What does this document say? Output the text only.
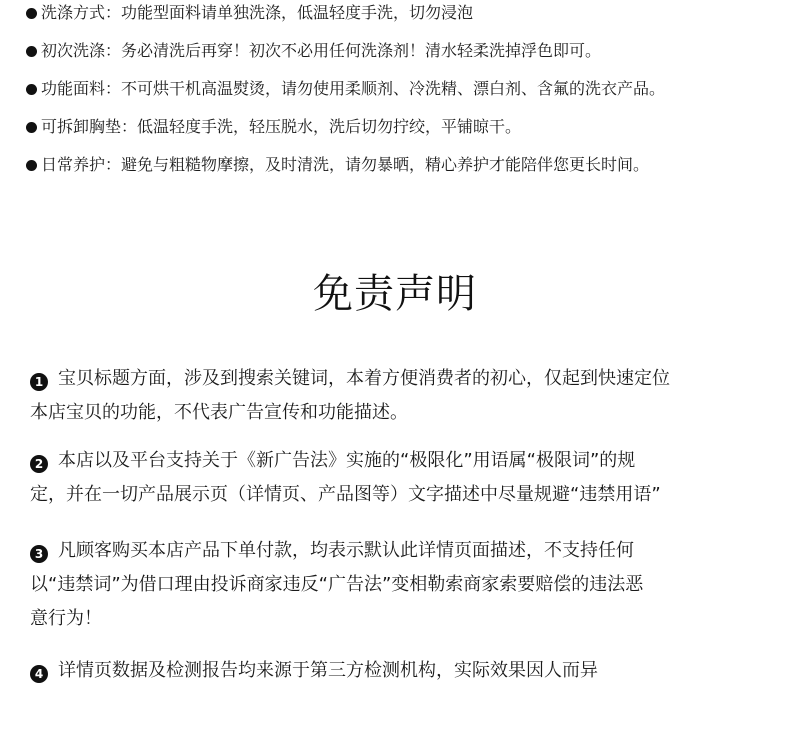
洗涤方式 ： 功能型面料请单独洗涤，低温轻度手洗，切勿浸泡
初次洗涤 ： 务必清洗后再穿！初次不必用任何洗涤剂！清水轻柔洗掉浮色即可。
功能面料 ： 不可烘干机高温熨烫，请勿使用柔顺剂、冷洗精、漂白剂、含氟的洗衣产品。
可拆卸胸垫 ： 低温轻度手洗，轻压脱水，洗后切勿拧绞，平铺晾干。
日常养护 ： 避免与粗糙物摩擦，及时清洗，请勿暴晒，精心养护才能陪伴您更长时间。
免责声明
1 宝贝标题方面，涉及到搜索关键词，本着方便消费者的初心，仅起到快速定位
本店宝贝的功能，不代表广告宣传和功能描述。
2 本店以及平台支持关于《新广告法》实施的“极限化”用语属“极限词”的规
定，并在一切产品展示页（详情页、产品图等）文字描述中尽量规避“违禁用语”
3 凡顾客购买本店产品下单付款，均表示默认此详情页面描述，不支持任何
以“违禁词”为借口理由投诉商家违反“广告法”变相勒索商家索要赔偿的违法恶
意行为！
4 详情页数据及检测报告均来源于第三方检测机构，实际效果因人而异
